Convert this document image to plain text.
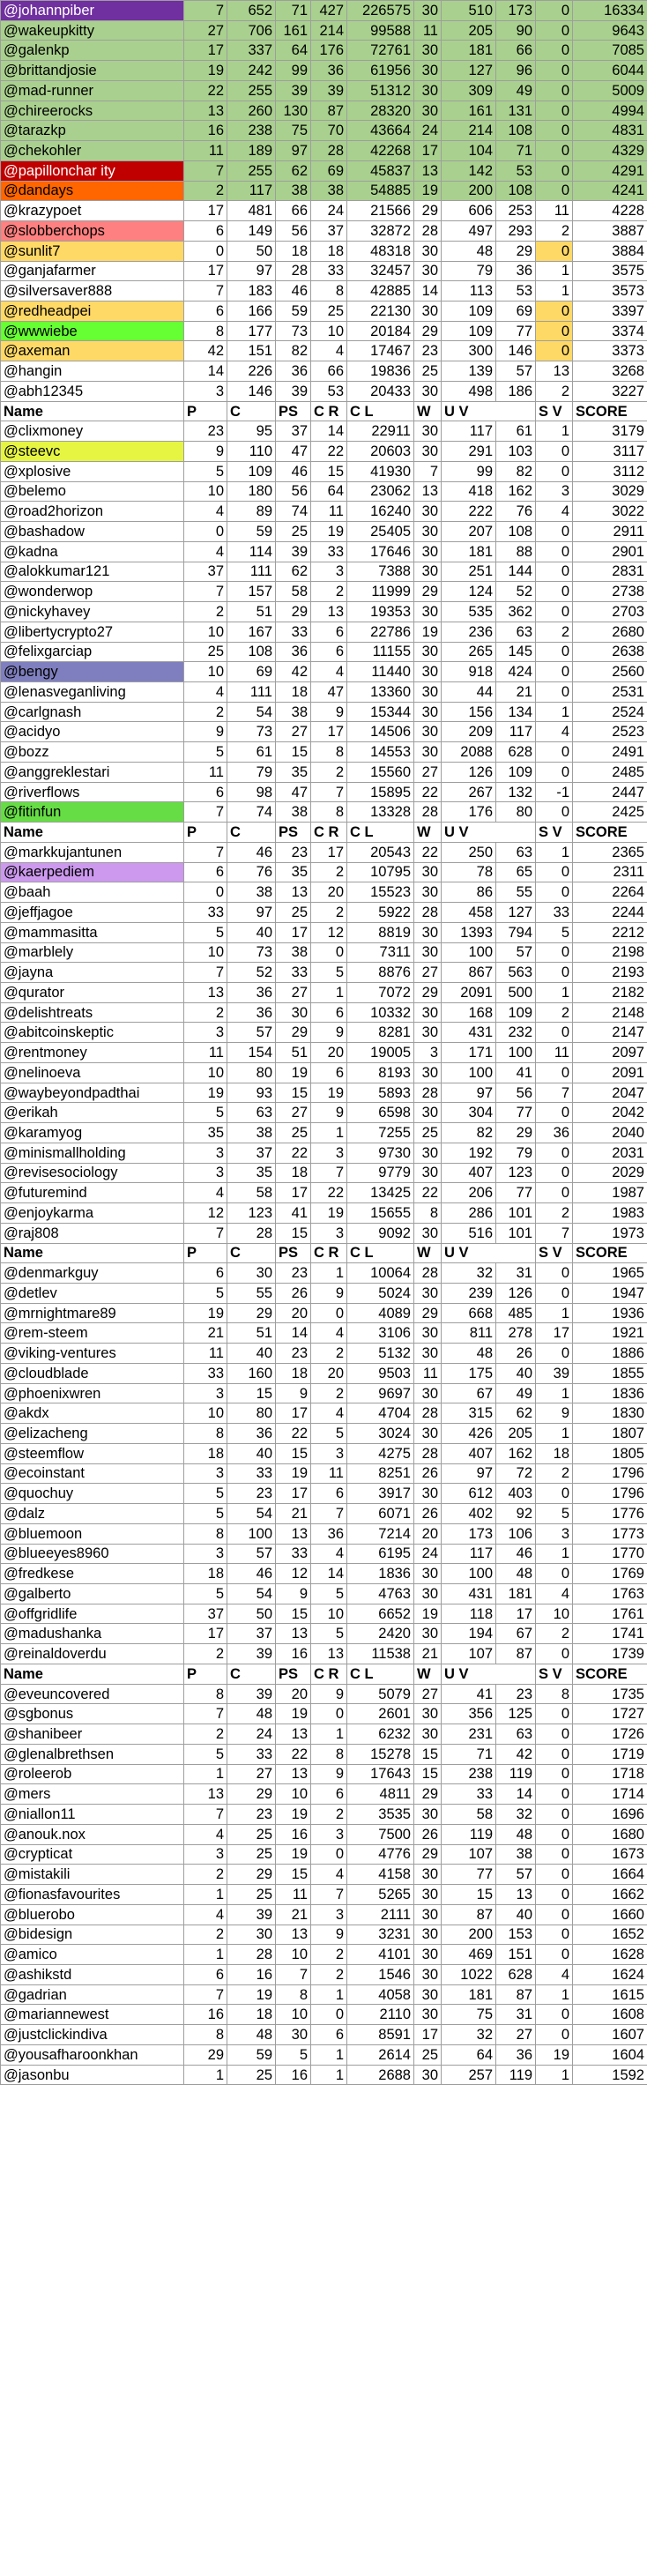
@johannpiber	7	652	71	427	226575	30	510	173	0	16334
@wakeupkitty	27	706	161	214	99588	11	205	90	0	9643
@galenkp	17	337	64	176	72761	30	181	66	0	7085
@brittandjosie	19	242	99	36	61956	30	127	96	0	6044
@mad-runner	22	255	39	39	51312	30	309	49	0	5009
@chireerocks	13	260	130	87	28320	30	161	131	0	4994
@tarazkp	16	238	75	70	43664	24	214	108	0	4831
@chekohler	11	189	97	28	42268	17	104	71	0	4329
@papillonchar ity	7	255	62	69	45837	13	142	53	0	4291
@dandays	2	117	38	38	54885	19	200	108	0	4241
@krazypoet	17	481	66	24	21566	29	606	253	11	4228
@slobberchops	6	149	56	37	32872	28	497	293	2	3887
@sunlit7	0	50	18	18	48318	30	48	29	0	3884
@ganjafarmer	17	97	28	33	32457	30	79	36	1	3575
@silversaver888	7	183	46	8	42885	14	113	53	1	3573
@redheadpei	6	166	59	25	22130	30	109	69	0	3397
@wwwiebe	8	177	73	10	20184	29	109	77	0	3374
@axeman	42	151	82	4	17467	23	300	146	0	3373
@hangin	14	226	36	66	19836	25	139	57	13	3268
@abh12345	3	146	39	53	20433	30	498	186	2	3227
Name	P	C	PS	C R	C L	W	U V		S V	SCORE
@clixmoney	23	95	37	14	22911	30	117	61	1	3179
@steevc	9	110	47	22	20603	30	291	103	0	3117
@xplosive	5	109	46	15	41930	7	99	82	0	3112
@belemo	10	180	56	64	23062	13	418	162	3	3029
@road2horizon	4	89	74	11	16240	30	222	76	4	3022
@bashadow	0	59	25	19	25405	30	207	108	0	2911
@kadna	4	114	39	33	17646	30	181	88	0	2901
@alokkumar121	37	111	62	3	7388	30	251	144	0	2831
@wonderwop	7	157	58	2	11999	29	124	52	0	2738
@nickyhavey	2	51	29	13	19353	30	535	362	0	2703
@libertycrypto27	10	167	33	6	22786	19	236	63	2	2680
@felixgarciap	25	108	36	6	11155	30	265	145	0	2638
@bengy	10	69	42	4	11440	30	918	424	0	2560
@lenasveganliving	4	111	18	47	13360	30	44	21	0	2531
@carlgnash	2	54	38	9	15344	30	156	134	1	2524
@acidyo	9	73	27	17	14506	30	209	117	4	2523
@bozz	5	61	15	8	14553	30	2088	628	0	2491
@anggreklestari	11	79	35	2	15560	27	126	109	0	2485
@riverflows	6	98	47	7	15895	22	267	132	-1	2447
@fitinfun	7	74	38	8	13328	28	176	80	0	2425
Name	P	C	PS	C R	C L	W	U V		S V	SCORE
@markkujantunen	7	46	23	17	20543	22	250	63	1	2365
@kaerpediem	6	76	35	2	10795	30	78	65	0	2311
@baah	0	38	13	20	15523	30	86	55	0	2264
@jeffjagoe	33	97	25	2	5922	28	458	127	33	2244
@mammasitta	5	40	17	12	8819	30	1393	794	5	2212
@marblely	10	73	38	0	7311	30	100	57	0	2198
@jayna	7	52	33	5	8876	27	867	563	0	2193
@qurator	13	36	27	1	7072	29	2091	500	1	2182
@delishtreats	2	36	30	6	10332	30	168	109	2	2148
@abitcoinskeptic	3	57	29	9	8281	30	431	232	0	2147
@rentmoney	11	154	51	20	19005	3	171	100	11	2097
@nelinoeva	10	80	19	6	8193	30	100	41	0	2091
@waybeyondpadthai	19	93	15	19	5893	28	97	56	7	2047
@erikah	5	63	27	9	6598	30	304	77	0	2042
@karamyog	35	38	25	1	7255	25	82	29	36	2040
@minismallholding	3	37	22	3	9730	30	192	79	0	2031
@revisesociology	3	35	18	7	9779	30	407	123	0	2029
@futuremind	4	58	17	22	13425	22	206	77	0	1987
@enjoykarma	12	123	41	19	15655	8	286	101	2	1983
@raj808	7	28	15	3	9092	30	516	101	7	1973
Name	P	C	PS	C R	C L	W	U V		S V	SCORE
@denmarkguy	6	30	23	1	10064	28	32	31	0	1965
@detlev	5	55	26	9	5024	30	239	126	0	1947
@mrnightmare89	19	29	20	0	4089	29	668	485	1	1936
@rem-steem	21	51	14	4	3106	30	811	278	17	1921
@viking-ventures	11	40	23	2	5132	30	48	26	0	1886
@cloudblade	33	160	18	20	9503	11	175	40	39	1855
@phoenixwren	3	15	9	2	9697	30	67	49	1	1836
@akdx	10	80	17	4	4704	28	315	62	9	1830
@elizacheng	8	36	22	5	3024	30	426	205	1	1807
@steemflow	18	40	15	3	4275	28	407	162	18	1805
@ecoinstant	3	33	19	11	8251	26	97	72	2	1796
@quochuy	5	23	17	6	3917	30	612	403	0	1796
@dalz	5	54	21	7	6071	26	402	92	5	1776
@bluemoon	8	100	13	36	7214	20	173	106	3	1773
@blueeyes8960	3	57	33	4	6195	24	117	46	1	1770
@fredkese	18	46	12	14	1836	30	100	48	0	1769
@galberto	5	54	9	5	4763	30	431	181	4	1763
@offgridlife	37	50	15	10	6652	19	118	17	10	1761
@madushanka	17	37	13	5	2420	30	194	67	2	1741
@reinaldoverdu	2	39	16	13	11538	21	107	87	0	1739
Name	P	C	PS	C R	C L	W	U V		S V	SCORE
@eveuncovered	8	39	20	9	5079	27	41	23	8	1735
@sgbonus	7	48	19	0	2601	30	356	125	0	1727
@shanibeer	2	24	13	1	6232	30	231	63	0	1726
@glenalbrethsen	5	33	22	8	15278	15	71	42	0	1719
@roleerob	1	27	13	9	17643	15	238	119	0	1718
@mers	13	29	10	6	4811	29	33	14	0	1714
@niallon11	7	23	19	2	3535	30	58	32	0	1696
@anouk.nox	4	25	16	3	7500	26	119	48	0	1680
@crypticat	3	25	19	0	4776	29	107	38	0	1673
@mistakili	2	29	15	4	4158	30	77	57	0	1664
@fionasfavourites	1	25	11	7	5265	30	15	13	0	1662
@bluerobo	4	39	21	3	2111	30	87	40	0	1660
@bidesign	2	30	13	9	3231	30	200	153	0	1652
@amico	1	28	10	2	4101	30	469	151	0	1628
@ashikstd	6	16	7	2	1546	30	1022	628	4	1624
@gadrian	7	19	8	1	4058	30	181	87	1	1615
@mariannewest	16	18	10	0	2110	30	75	31	0	1608
@justclickindiva	8	48	30	6	8591	17	32	27	0	1607
@yousafharoonkhan	29	59	5	1	2614	25	64	36	19	1604
@jasonbu	1	25	16	1	2688	30	257	119	1	1592
